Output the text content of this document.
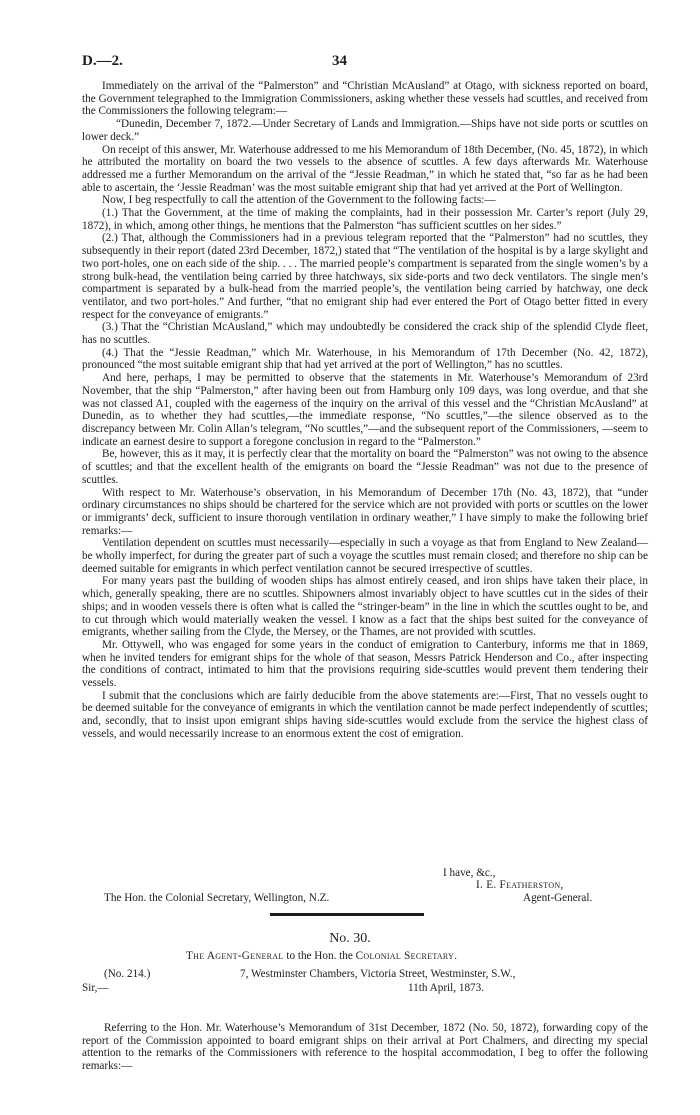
D.—2.	34

Immediately on the arrival of the “Palmerston” and “Christian McAusland” at Otago, with sickness reported on board, the Government telegraphed to the Immigration Commissioners, asking whether these vessels had scuttles, and received from the Commissioners the following telegram:—

“Dunedin, December 7, 1872.—Under Secretary of Lands and Immigration.—Ships have not side ports or scuttles on lower deck.”

On receipt of this answer, Mr. Waterhouse addressed to me his Memorandum of 18th December, (No. 45, 1872), in which he attributed the mortality on board the two vessels to the absence of scuttles. A few days afterwards Mr. Waterhouse addressed me a further Memorandum on the arrival of the “Jessie Readman,” in which he stated that, “so far as he had been able to ascertain, the ‘Jessie Readman’ was the most suitable emigrant ship that had yet arrived at the Port of Wellington.

Now, I beg respectfully to call the attention of the Government to the following facts:—

(1.) That the Government, at the time of making the complaints, had in their possession Mr. Carter’s report (July 29, 1872), in which, among other things, he mentions that the Palmerston “has sufficient scuttles on her sides.”

(2.) That, although the Commissioners had in a previous telegram reported that the “Palmerston” had no scuttles, they subsequently in their report (dated 23rd December, 1872,) stated that “The ventilation of the hospital is by a large skylight and two port-holes, one on each side of the ship. . . . The married people’s compartment is separated from the single women’s by a strong bulk-head, the ventilation being carried by three hatchways, six side-ports and two deck ventilators. The single men’s compartment is separated by a bulk-head from the married people’s, the ventilation being carried by hatchway, one deck ventilator, and two port-holes.” And further, “that no emigrant ship had ever entered the Port of Otago better fitted in every respect for the conveyance of emigrants.”

(3.) That the “Christian McAusland,” which may undoubtedly be considered the crack ship of the splendid Clyde fleet, has no scuttles.

(4.) That the “Jessie Readman,” which Mr. Waterhouse, in his Memorandum of 17th December (No. 42, 1872), pronounced “the most suitable emigrant ship that had yet arrived at the port of Wellington,” has no scuttles.

And here, perhaps, I may be permitted to observe that the statements in Mr. Waterhouse’s Memorandum of 23rd November, that the ship “Palmerston,” after having been out from Hamburg only 109 days, was long overdue, and that she was not classed A1, coupled with the eagerness of the inquiry on the arrival of this vessel and the “Christian McAusland” at Dunedin, as to whether they had scuttles,—the immediate response, “No scuttles,”—the silence observed as to the discrepancy between Mr. Colin Allan’s telegram, “No scuttles,”—and the subsequent report of the Commissioners, —seem to indicate an earnest desire to support a foregone conclusion in regard to the “Palmerston.”

Be, however, this as it may, it is perfectly clear that the mortality on board the “Palmerston” was not owing to the absence of scuttles; and that the excellent health of the emigrants on board the “Jessie Readman” was not due to the presence of scuttles.

With respect to Mr. Waterhouse’s observation, in his Memorandum of December 17th (No. 43, 1872), that “under ordinary circumstances no ships should be chartered for the service which are not provided with ports or scuttles on the lower or immigrants’ deck, sufficient to insure thorough ventilation in ordinary weather,” I have simply to make the following brief remarks:—

Ventilation dependent on scuttles must necessarily—especially in such a voyage as that from England to New Zealand—be wholly imperfect, for during the greater part of such a voyage the scuttles must remain closed; and therefore no ship can be deemed suitable for emigrants in which perfect ventilation cannot be secured irrespective of scuttles.

For many years past the building of wooden ships has almost entirely ceased, and iron ships have taken their place, in which, generally speaking, there are no scuttles. Shipowners almost invariably object to have scuttles cut in the sides of their ships; and in wooden vessels there is often what is called the “stringer-beam” in the line in which the scuttles ought to be, and to cut through which would materially weaken the vessel. I know as a fact that the ships best suited for the conveyance of emigrants, whether sailing from the Clyde, the Mersey, or the Thames, are not provided with scuttles.

Mr. Ottywell, who was engaged for some years in the conduct of emigration to Canterbury, informs me that in 1869, when he invited tenders for emigrant ships for the whole of that season, Messrs Patrick Henderson and Co., after inspecting the conditions of contract, intimated to him that the provisions requiring side-scuttles would prevent them tendering their vessels.

I submit that the conclusions which are fairly deducible from the above statements are:—First, That no vessels ought to be deemed suitable for the conveyance of emigrants in which the ventilation cannot be made perfect independently of scuttles; and, secondly, that to insist upon emigrant ships having side-scuttles would exclude from the service the highest class of vessels, and would necessarily increase to an enormous extent the cost of emigration.

I have, &c.,
I. E. Featherston,
The Hon. the Colonial Secretary, Wellington, N.Z.	Agent-General.
No. 30.
The Agent-General to the Hon. the Colonial Secretary.
(No. 214.)	7, Westminster Chambers, Victoria Street, Westminster, S.W.,
Sir,—	11th April, 1873.

Referring to the Hon. Mr. Waterhouse’s Memorandum of 31st December, 1872 (No. 50, 1872), forwarding copy of the report of the Commission appointed to board emigrant ships on their arrival at Port Chalmers, and directing my special attention to the remarks of the Commissioners with reference to the hospital accommodation, I beg to offer the following remarks:—
